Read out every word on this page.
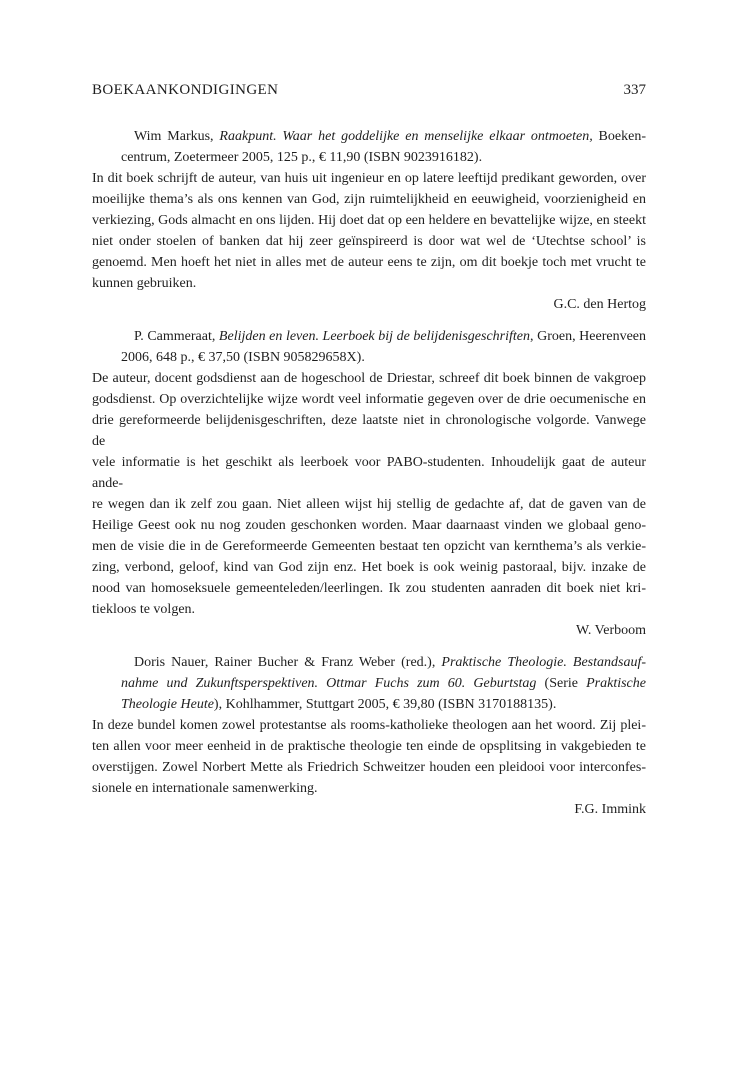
BOEKAANKONDIGINGEN	337
Wim Markus, Raakpunt. Waar het goddelijke en menselijke elkaar ontmoeten, Boeken-
centrum, Zoetermeer 2005, 125 p., € 11,90 (ISBN 9023916182).
In dit boek schrijft de auteur, van huis uit ingenieur en op latere leeftijd predikant geworden, over
moeilijke thema’s als ons kennen van God, zijn ruimtelijkheid en eeuwigheid, voorzienigheid en
verkiezing, Gods almacht en ons lijden. Hij doet dat op een heldere en bevattelijke wijze, en steekt
niet onder stoelen of banken dat hij zeer geïnspireerd is door wat wel de ‘Utechtse school’ is
genoemd. Men hoeft het niet in alles met de auteur eens te zijn, om dit boekje toch met vrucht te
kunnen gebruiken.
G.C. den Hertog
P. Cammeraat, Belijden en leven. Leerboek bij de belijdenisgeschriften, Groen, Heerenveen
2006, 648 p., € 37,50 (ISBN 905829658X).
De auteur, docent godsdienst aan de hogeschool de Driestar, schreef dit boek binnen de vakgroep
godsdienst. Op overzichtelijke wijze wordt veel informatie gegeven over de drie oecumenische en
drie gereformeerde belijdenisgeschriften, deze laatste niet in chronologische volgorde. Vanwege de
vele informatie is het geschikt als leerboek voor PABO-studenten. Inhoudelijk gaat de auteur ande-
re wegen dan ik zelf zou gaan. Niet alleen wijst hij stellig de gedachte af, dat de gaven van de
Heilige Geest ook nu nog zouden geschonken worden. Maar daarnaast vinden we globaal geno-
men de visie die in de Gereformeerde Gemeenten bestaat ten opzicht van kernthema’s als verkie-
zing, verbond, geloof, kind van God zijn enz. Het boek is ook weinig pastoraal, bijv. inzake de
nood van homoseksuele gemeenteleden/leerlingen. Ik zou studenten aanraden dit boek niet kri-
tiekloos te volgen.
W. Verboom
Doris Nauer, Rainer Bucher & Franz Weber (red.), Praktische Theologie. Bestandsauf-
nahme und Zukunftsperspektiven. Ottmar Fuchs zum 60. Geburtstag (Serie Praktische
Theologie Heute), Kohlhammer, Stuttgart 2005, € 39,80 (ISBN 3170188135).
In deze bundel komen zowel protestantse als rooms-katholieke theologen aan het woord. Zij plei-
ten allen voor meer eenheid in de praktische theologie ten einde de opsplitsing in vakgebieden te
overstijgen. Zowel Norbert Mette als Friedrich Schweitzer houden een pleidooi voor interconfes-
sionele en internationale samenwerking.
F.G. Immink
